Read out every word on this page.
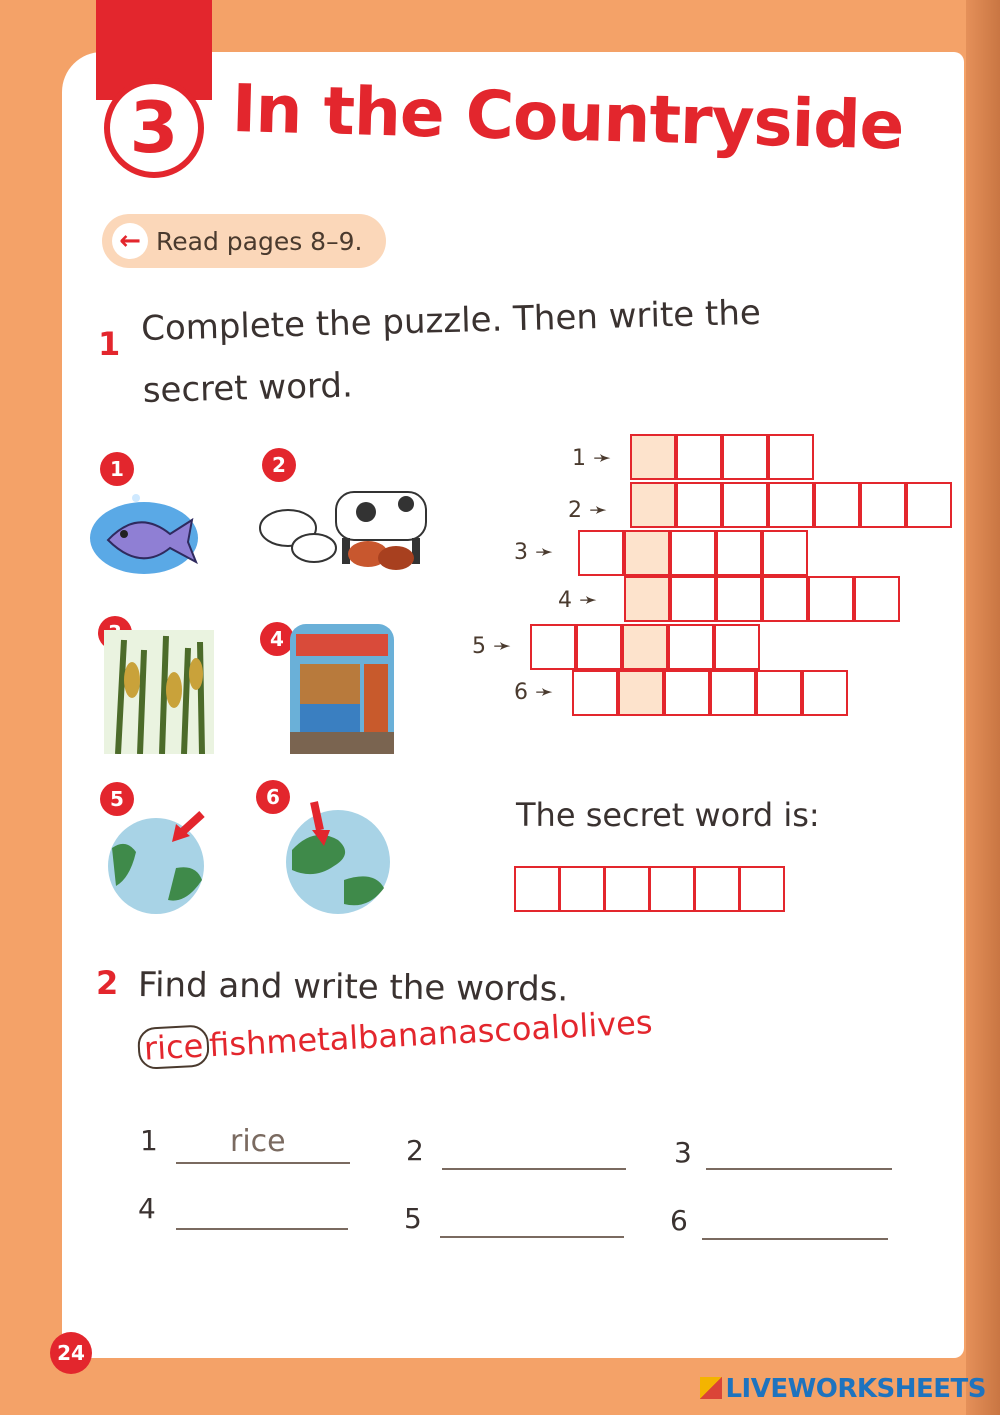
3 In the Countryside
← Read pages 8–9.
1 Complete the puzzle. Then write the
secret word.
1	2
4
5	6
1 ➛
2 ➛
3 ➛
4 ➛
5 ➛
6 ➛
The secret word is:
2 Find and write the words.
rice fishmetalbananascoalolives
1 rice	2	3
4	5	6
24
LIVEWORKSHEETS
